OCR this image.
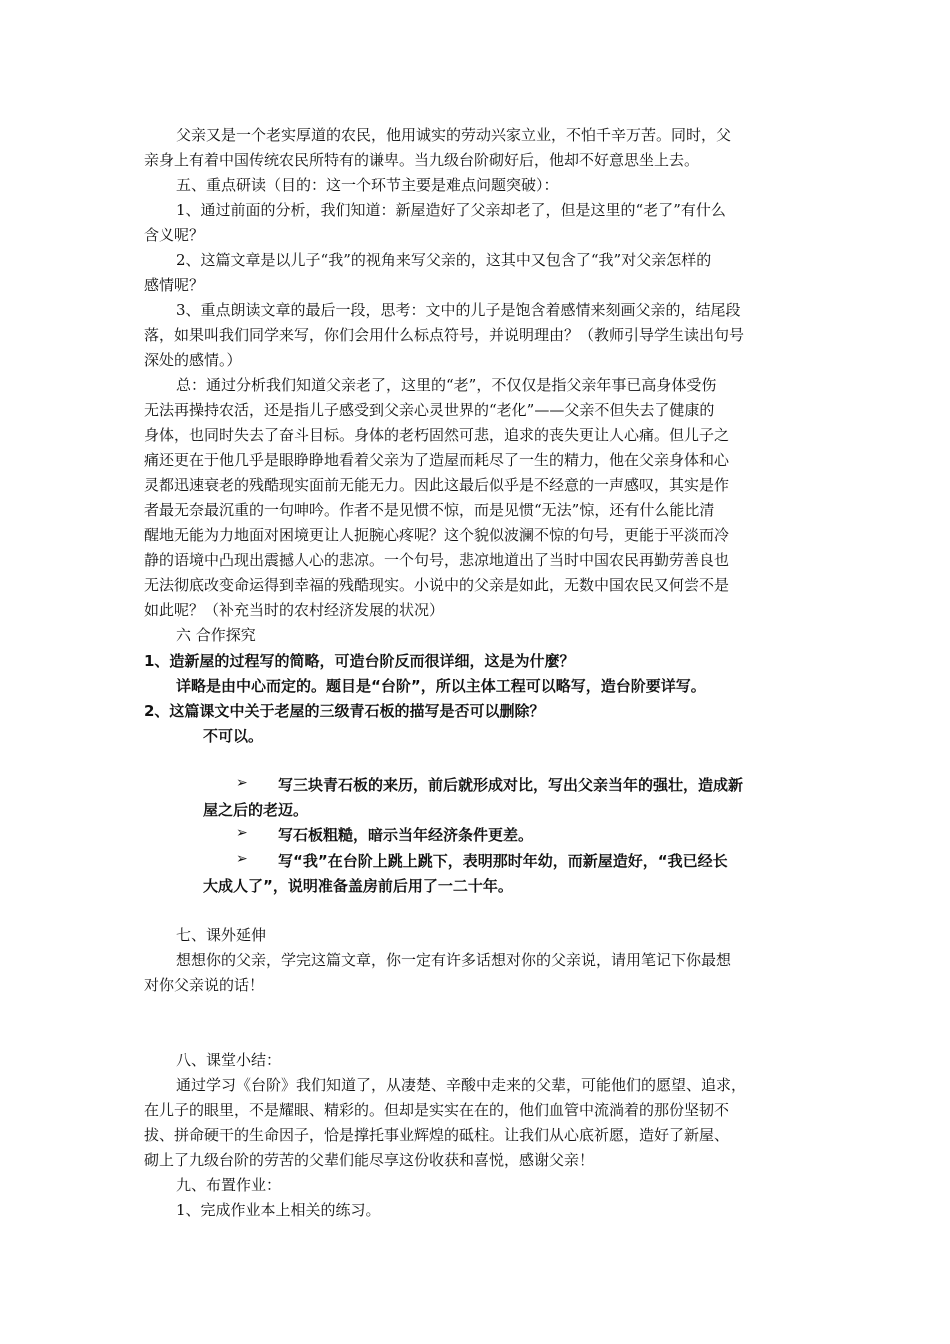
父亲又是一个老实厚道的农民，他用诚实的劳动兴家立业，不怕千辛万苦。同时，父
亲身上有着中国传统农民所特有的谦卑。当九级台阶砌好后，他却不好意思坐上去。
五、重点研读（目的：这一个环节主要是难点问题突破）：
1、通过前面的分析，我们知道：新屋造好了父亲却老了，但是这里的“老了”有什么
含义呢？
2、这篇文章是以儿子“我”的视角来写父亲的，这其中又包含了“我”对父亲怎样的
感情呢？
3、重点朗读文章的最后一段，思考：文中的儿子是饱含着感情来刻画父亲的，结尾段
落，如果叫我们同学来写，你们会用什么标点符号，并说明理由？（教师引导学生读出句号
深处的感情。）
总：通过分析我们知道父亲老了，这里的“老”，不仅仅是指父亲年事已高身体受伤
无法再操持农活，还是指儿子感受到父亲心灵世界的“老化”——父亲不但失去了健康的
身体，也同时失去了奋斗目标。身体的老朽固然可悲，追求的丧失更让人心痛。但儿子之
痛还更在于他几乎是眼睁睁地看着父亲为了造屋而耗尽了一生的精力，他在父亲身体和心
灵都迅速衰老的残酷现实面前无能无力。因此这最后似乎是不经意的一声感叹，其实是作
者最无奈最沉重的一句呻吟。作者不是见惯不惊，而是见惯“无法”惊，还有什么能比清
醒地无能为力地面对困境更让人扼腕心疼呢？这个貌似波澜不惊的句号，更能于平淡而冷
静的语境中凸现出震撼人心的悲凉。一个句号，悲凉地道出了当时中国农民再勤劳善良也
无法彻底改变命运得到幸福的残酷现实。小说中的父亲是如此，无数中国农民又何尝不是
如此呢？（补充当时的农村经济发展的状况）
六 合作探究
1、造新屋的过程写的简略，可造台阶反而很详细，这是为什麼？
详略是由中心而定的。题目是“台阶”，所以主体工程可以略写，造台阶要详写。
2、这篇课文中关于老屋的三级青石板的描写是否可以删除？
不可以。
➢ 写三块青石板的来历，前后就形成对比，写出父亲当年的强壮，造成新
屋之后的老迈。
➢ 写石板粗糙，暗示当年经济条件更差。
➢ 写“我”在台阶上跳上跳下，表明那时年幼，而新屋造好，“我已经长
大成人了”，说明准备盖房前后用了一二十年。
七、课外延伸
想想你的父亲，学完这篇文章，你一定有许多话想对你的父亲说，请用笔记下你最想
对你父亲说的话！
八、课堂小结：
通过学习《台阶》我们知道了，从凄楚、辛酸中走来的父辈，可能他们的愿望、追求，
在儿子的眼里，不是耀眼、精彩的。但却是实实在在的，他们血管中流淌着的那份坚韧不
拔、拼命硬干的生命因子，恰是撑托事业辉煌的砥柱。让我们从心底祈愿，造好了新屋、
砌上了九级台阶的劳苦的父辈们能尽享这份收获和喜悦，感谢父亲！
九、布置作业：
1、完成作业本上相关的练习。
